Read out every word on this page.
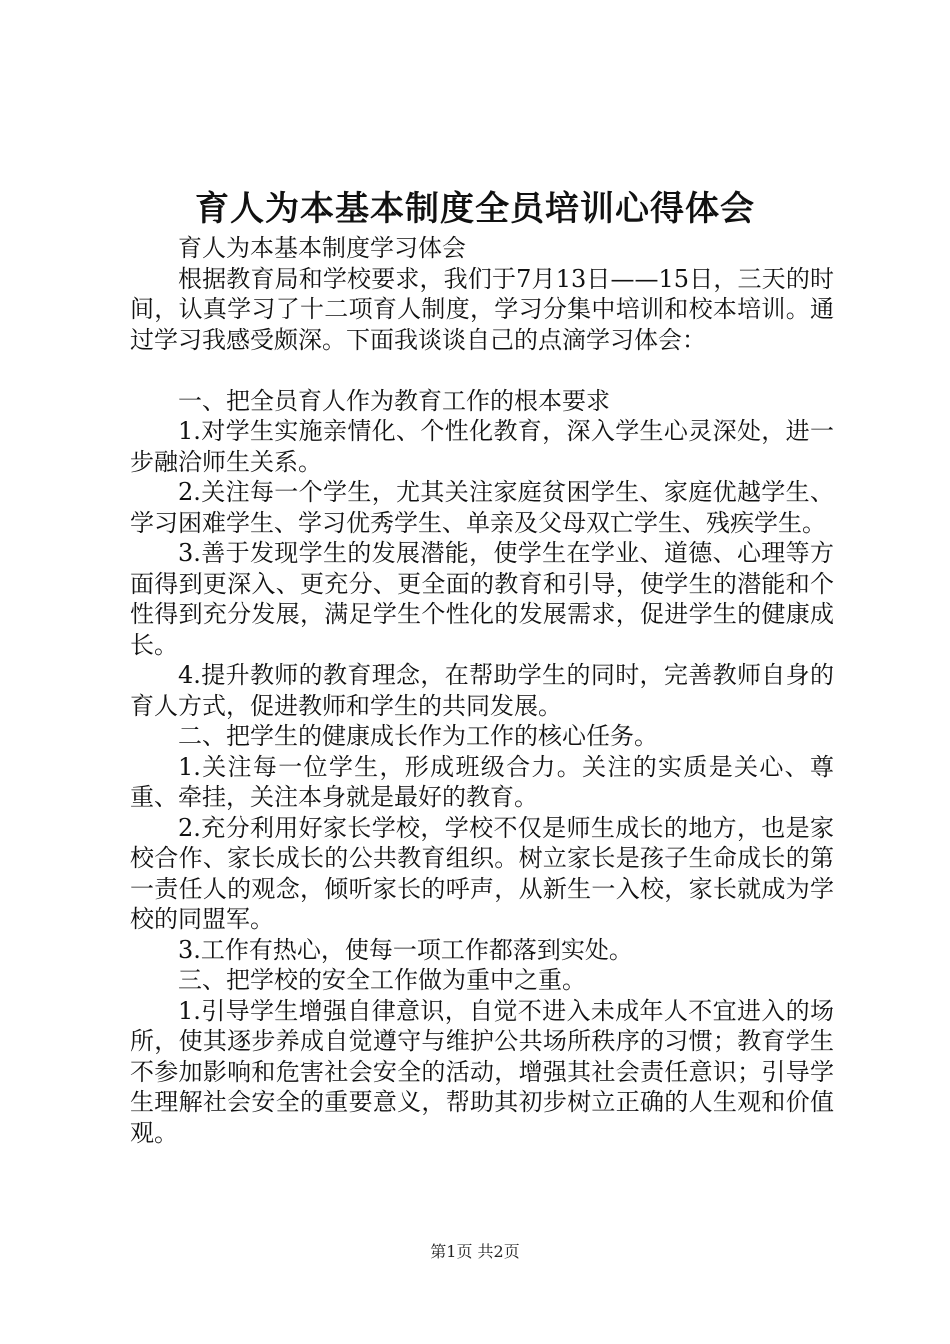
育人为本基本制度全员培训心得体会

育人为本基本制度学习体会

根据教育局和学校要求，我们于7月13日——15日，三天的时间，认真学习了十二项育人制度，学习分集中培训和校本培训。通过学习我感受颇深。下面我谈谈自己的点滴学习体会：

一、把全员育人作为教育工作的根本要求

1.对学生实施亲情化、个性化教育，深入学生心灵深处，进一步融洽师生关系。

2.关注每一个学生，尤其关注家庭贫困学生、家庭优越学生、学习困难学生、学习优秀学生、单亲及父母双亡学生、残疾学生。

3.善于发现学生的发展潜能，使学生在学业、道德、心理等方面得到更深入、更充分、更全面的教育和引导，使学生的潜能和个性得到充分发展，满足学生个性化的发展需求，促进学生的健康成长。

4.提升教师的教育理念，在帮助学生的同时，完善教师自身的育人方式，促进教师和学生的共同发展。

二、把学生的健康成长作为工作的核心任务。

1.关注每一位学生，形成班级合力。关注的实质是关心、尊重、牵挂，关注本身就是最好的教育。

2.充分利用好家长学校，学校不仅是师生成长的地方，也是家校合作、家长成长的公共教育组织。树立家长是孩子生命成长的第一责任人的观念，倾听家长的呼声，从新生一入校，家长就成为学校的同盟军。

3.工作有热心，使每一项工作都落到实处。

三、把学校的安全工作做为重中之重。

1.引导学生增强自律意识，自觉不进入未成年人不宜进入的场所，使其逐步养成自觉遵守与维护公共场所秩序的习惯；教育学生不参加影响和危害社会安全的活动，增强其社会责任意识；引导学生理解社会安全的重要意义，帮助其初步树立正确的人生观和价值观。

第1页 共2页
